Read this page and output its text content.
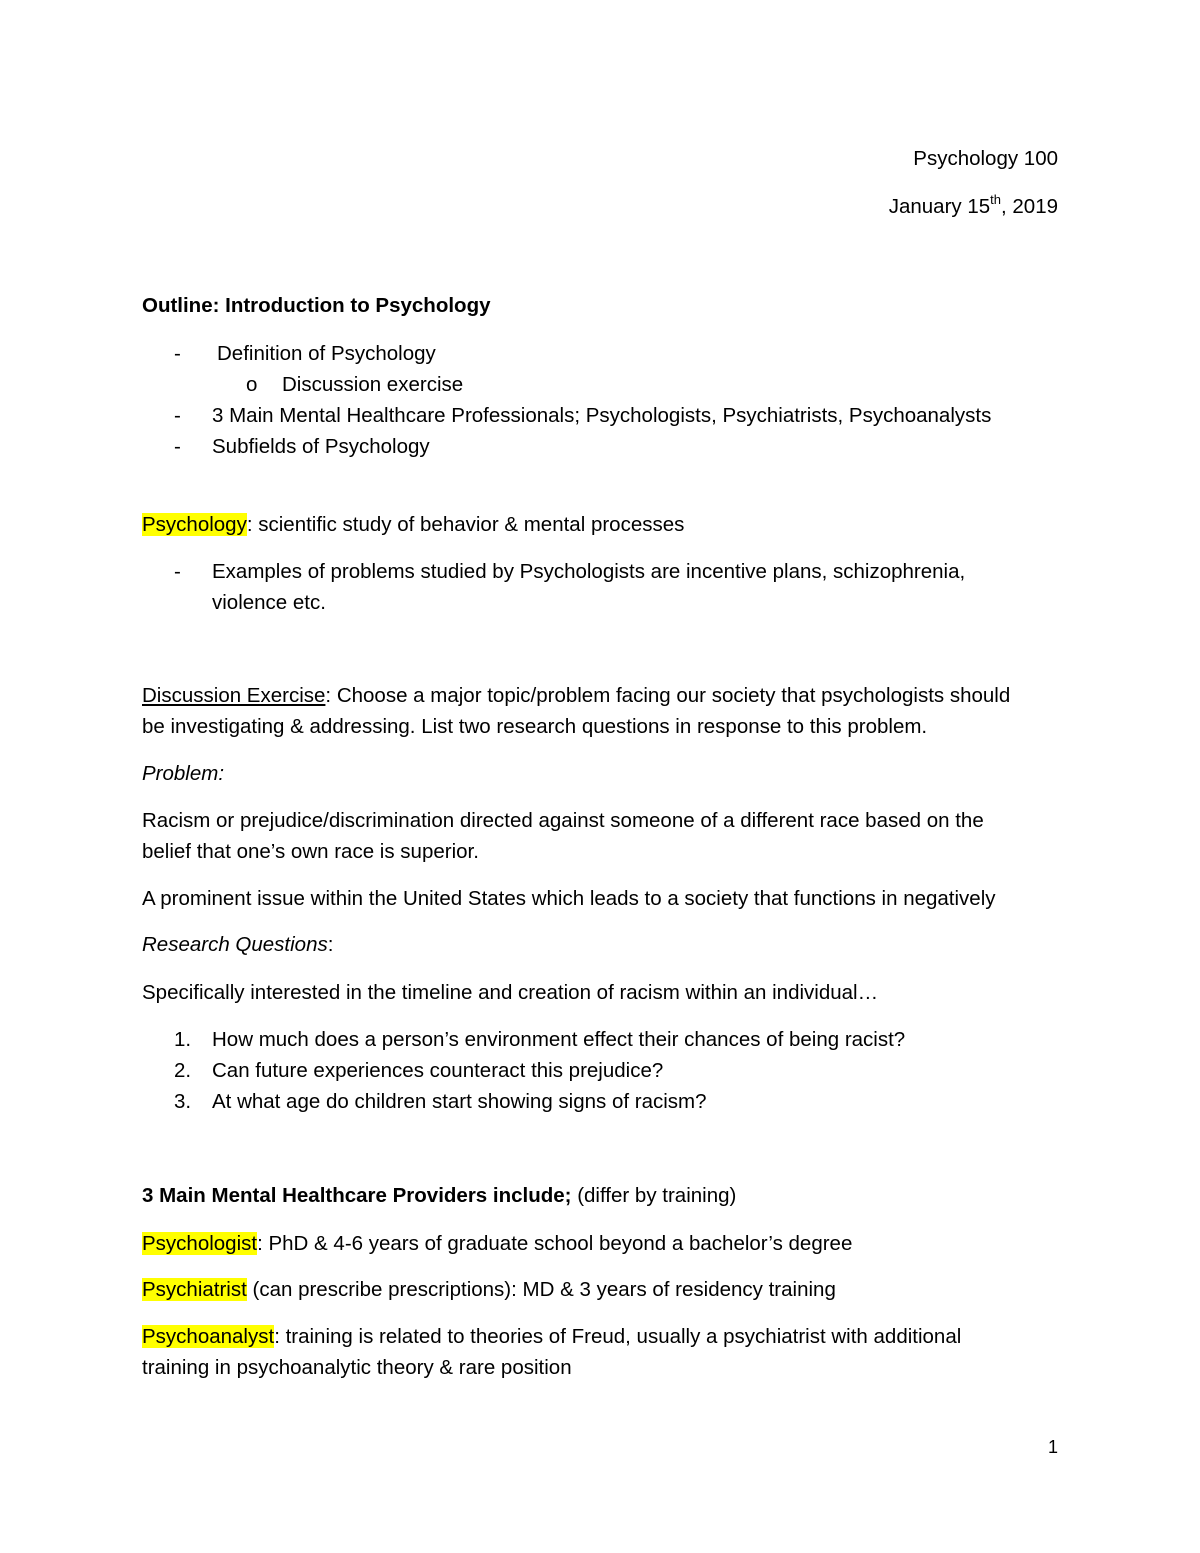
Psychology 100
January 15th, 2019
Outline: Introduction to Psychology
- Definition of Psychology
o Discussion exercise
- 3 Main Mental Healthcare Professionals; Psychologists, Psychiatrists, Psychoanalysts
- Subfields of Psychology
Psychology: scientific study of behavior & mental processes
- Examples of problems studied by Psychologists are incentive plans, schizophrenia,
violence etc.
Discussion Exercise: Choose a major topic/problem facing our society that psychologists should
be investigating & addressing. List two research questions in response to this problem.
Problem:
Racism or prejudice/discrimination directed against someone of a different race based on the
belief that one’s own race is superior.
A prominent issue within the United States which leads to a society that functions in negatively
Research Questions:
Specifically interested in the timeline and creation of racism within an individual…
1. How much does a person’s environment effect their chances of being racist?
2. Can future experiences counteract this prejudice?
3. At what age do children start showing signs of racism?
3 Main Mental Healthcare Providers include; (differ by training)
Psychologist: PhD & 4-6 years of graduate school beyond a bachelor’s degree
Psychiatrist (can prescribe prescriptions): MD & 3 years of residency training
Psychoanalyst: training is related to theories of Freud, usually a psychiatrist with additional
training in psychoanalytic theory & rare position
1
